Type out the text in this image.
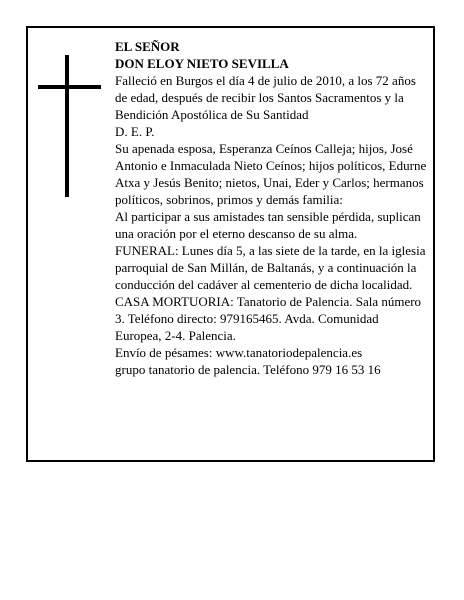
EL SEÑOR

DON ELOY NIETO SEVILLA

Falleció en Burgos el día 4 de julio de 2010, a los 72 años de edad, después de recibir los Santos Sacramentos y la Bendición Apostólica de Su Santidad

D. E. P.

Su apenada esposa, Esperanza Ceínos Calleja; hijos, José Antonio e Inmaculada Nieto Ceínos; hijos políticos, Edurne Atxa y Jesús Benito; nietos, Unai, Eder y Carlos; hermanos políticos, sobrinos, primos y demás familia:

Al participar a sus amistades tan sensible pérdida, suplican una oración por el eterno descanso de su alma.

FUNERAL: Lunes día 5, a las siete de la tarde, en la iglesia parroquial de San Millán, de Baltanás, y a continuación la conducción del cadáver al cementerio de dicha localidad.

CASA MORTUORIA: Tanatorio de Palencia. Sala número 3. Teléfono directo: 979165465. Avda. Comunidad Europea, 2-4. Palencia.

Envío de pésames: www.tanatoriodepalencia.es

grupo tanatorio de palencia. Teléfono 979 16 53 16
